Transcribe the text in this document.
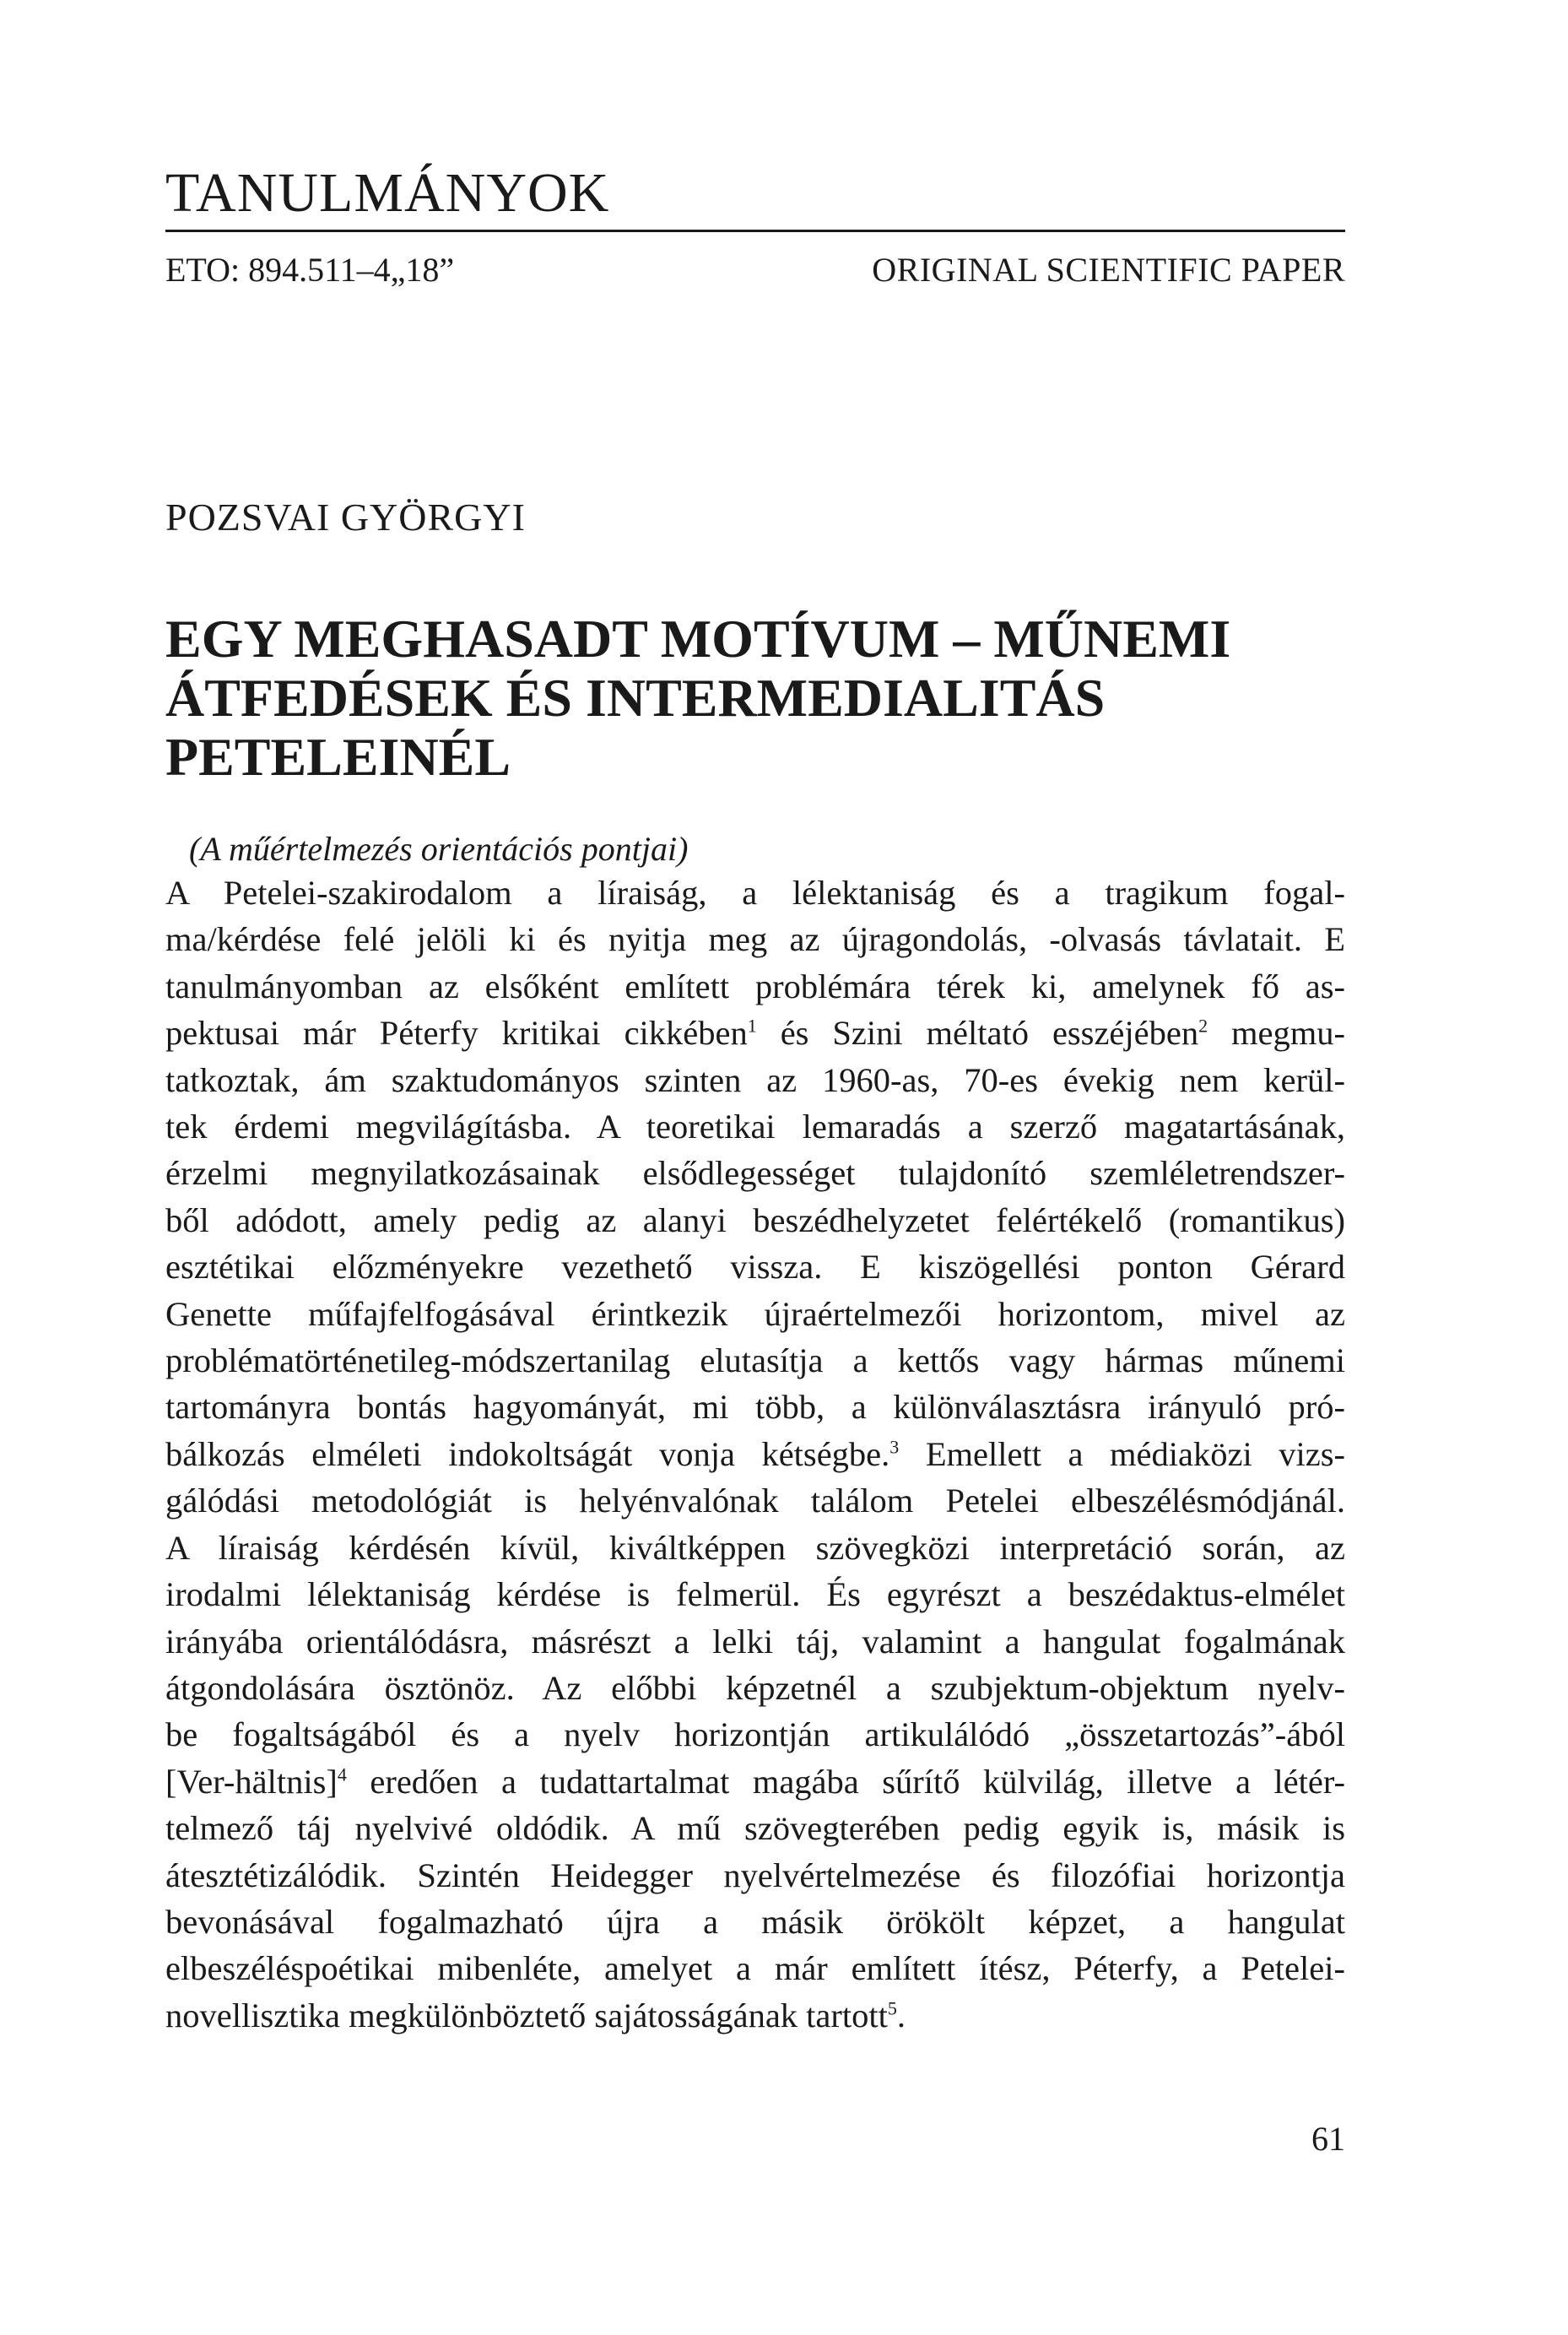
TANULMÁNYOK
ETO: 894.511–4„18”	ORIGINAL SCIENTIFIC PAPER
POZSVAI GYÖRGYI
EGY MEGHASADT MOTÍVUM – MŰNEMI
ÁTFEDÉSEK ÉS INTERMEDIALITÁS
PETELEINÉL
(A műértelmezés orientációs pontjai)
A Petelei-szakirodalom a líraiság, a lélektaniság és a tragikum fogal-
ma/kérdése felé jelöli ki és nyitja meg az újragondolás, -olvasás távlatait. E
tanulmányomban az elsőként említett problémára térek ki, amelynek fő as-
pektusai már Péterfy kritikai cikkében$^1$ és Szini méltató esszéjében$^2$ megmu-
tatkoztak, ám szaktudományos szinten az 1960-as, 70-es évekig nem kerül-
tek érdemi megvilágításba. A teoretikai lemaradás a szerző magatartásának,
érzelmi megnyilatkozásainak elsődlegességet tulajdonító szemléletrendszer-
ből adódott, amely pedig az alanyi beszédhelyzetet felértékelő (romantikus)
esztétikai előzményekre vezethető vissza. E kiszögellési ponton Gérard
Genette műfajfelfogásával érintkezik újraértelmezői horizontom, mivel az
problématörténetileg-módszertanilag elutasítja a kettős vagy hármas műnemi
tartományra bontás hagyományát, mi több, a különválasztásra irányuló pró-
bálkozás elméleti indokoltságát vonja kétségbe.$^3$ Emellett a médiaközi vizs-
gálódási metodológiát is helyénvalónak találom Petelei elbeszélésmódjánál.
A líraiság kérdésén kívül, kiváltképpen szövegközi interpretáció során, az
irodalmi lélektaniság kérdése is felmerül. És egyrészt a beszédaktus-elmélet
irányába orientálódásra, másrészt a lelki táj, valamint a hangulat fogalmának
átgondolására ösztönöz. Az előbbi képzetnél a szubjektum-objektum nyelv-
be fogaltságából és a nyelv horizontján artikulálódó „összetartozás”-ából
[Ver-hältnis]$^4$ eredően a tudattartalmat magába sűrítő külvilág, illetve a létér-
telmező táj nyelvivé oldódik. A mű szövegterében pedig egyik is, másik is
átesztétizálódik. Szintén Heidegger nyelvértelmezése és filozófiai horizontja
bevonásával fogalmazható újra a másik örökölt képzet, a hangulat
elbeszéléspoétikai mibenléte, amelyet a már említett ítész, Péterfy, a Petelei-
novellisztika megkülönböztető sajátosságának tartott$^5$.
61
